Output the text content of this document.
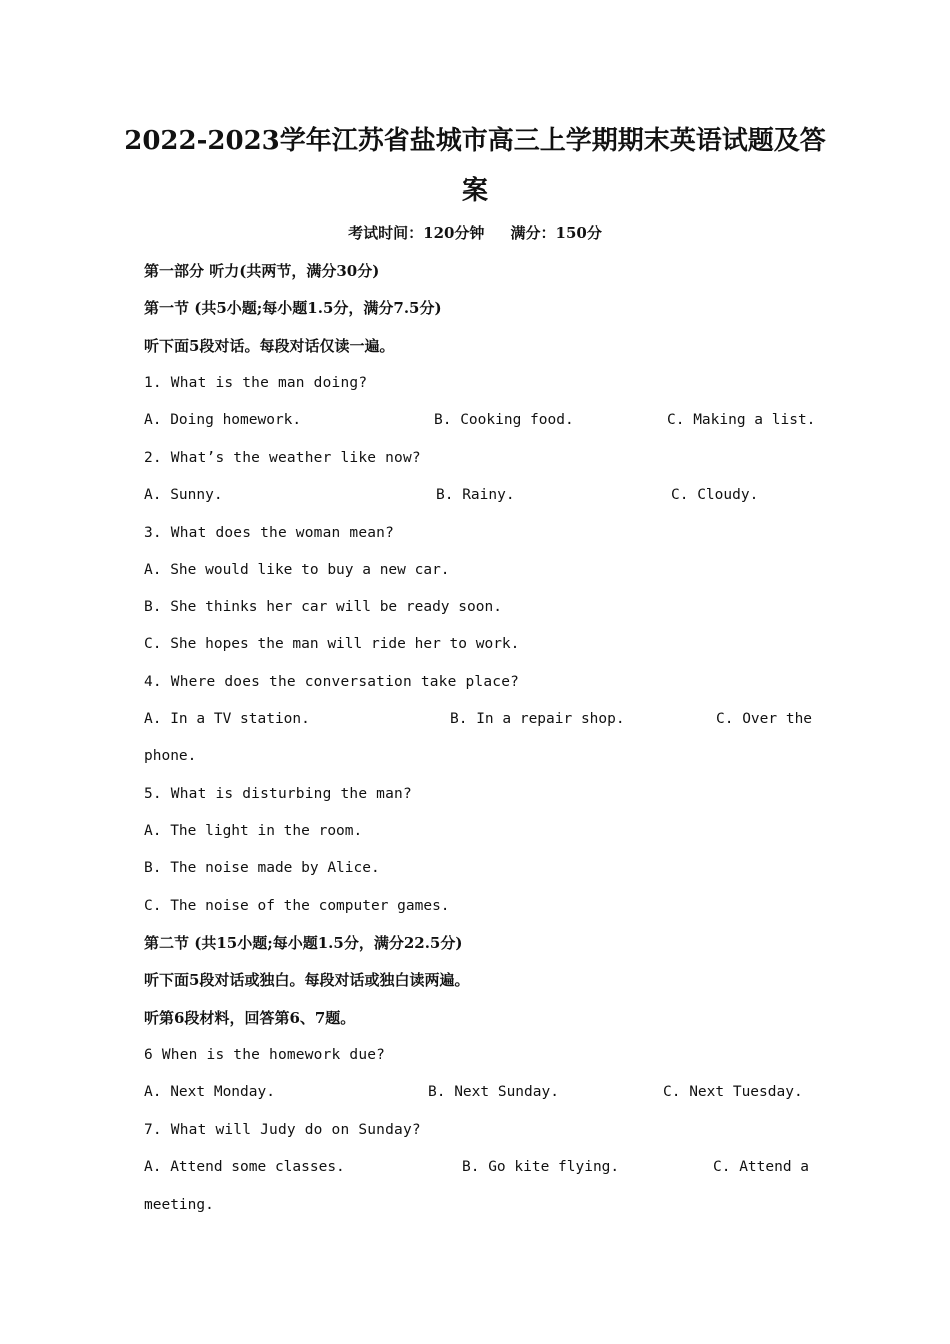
2022-2023学年江苏省盐城市高三上学期期末英语试题及答
案
考试时间：120分钟     满分：150分
第一部分 听力(共两节，满分30分)
第一节 (共5小题;每小题1.5分，满分7.5分)
听下面5段对话。每段对话仅读一遍。
1. What is the man doing?
A. Doing homework.	B. Cooking food.	C. Making a list.
2. What’s the weather like now?
A. Sunny.	B. Rainy.	C. Cloudy.
3. What does the woman mean?
A. She would like to buy a new car.
B. She thinks her car will be ready soon.
C. She hopes the man will ride her to work.
4. Where does the conversation take place?
A. In a TV station.	B. In a repair shop.	C. Over the
phone.
5. What is disturbing the man?
A. The light in the room.
B. The noise made by Alice.
C. The noise of the computer games.
第二节 (共15小题;每小题1.5分，满分22.5分)
听下面5段对话或独白。每段对话或独白读两遍。
听第6段材料，回答第6、7题。
6 When is the homework due?
A. Next Monday.	B. Next Sunday.	C. Next Tuesday.
7. What will Judy do on Sunday?
A. Attend some classes.	B. Go kite flying.	C. Attend a
meeting.
